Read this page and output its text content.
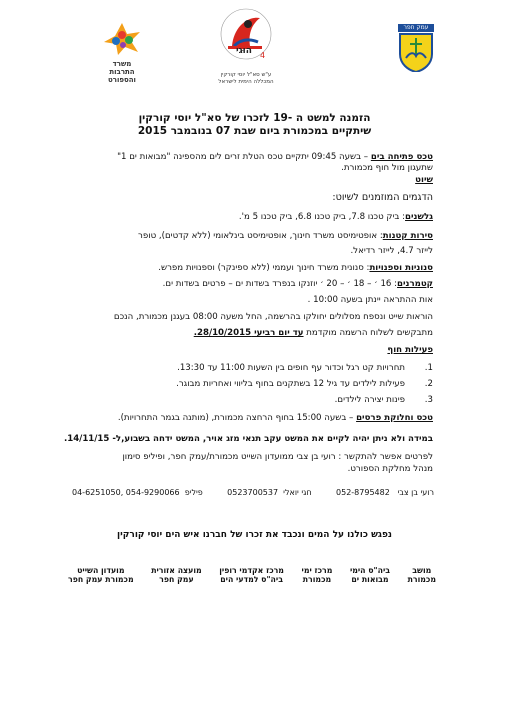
משרד
התרבות
והספורט
4
הוּגי
ע"ש סא"ל יוסי קורקין
המכללה הימית לישראל
עמק חפר
הזמנה למשט ה -19 לזכרו של סא"ל יוסי קורקין
שיתקיים במכמורת ביום שבת 07 בנובמבר 2015
טכס פתיחה בים – בשעה 09:45 יתקיים טכס הטלת זרים לים מהספינה "מבואות ים 1"
שתעגון מול חוף מכמורת.
שיוט
הדגמים המוזמנים לשיוט:
גלשנים: ביק טכנו 7.8, ביק טכנו 6.8, ביק טכנו 5 מ'.
סירות קטנות: אופטימיסט משרד חינוך, אופטימיסט בינלאומי (ללא קדטים), טופר
לייזר 4.7, לייזר רדיאל.
סנוניות וספנויות: סנונית משרד חינוך ועממי (ללא ספינקר) וספנויות מפרש.
קטמרנים: 16 ׳ – 18 ׳ – 20 ׳ יוזנקו בנפרד בשדות ים – פרטים בשדות ים.
אות ההתראה יינתן בשעה 10:00 .
הוראות שייט ונספח מסלולים יחולקו בהרשמה, החל משעה 08:00 בעגנן מכמורת, הנכם
מתבקשים לשלוח הרשמה מוקדמת עד יום רביעי 28/10/2015.
פעילות חוף
1.תחרויות קט רגל וכדור עף חופים בין השעות 11:00 עד 13:30.
2.פעילות לילדים עד גיל 12 בשתקנים בחוף בליווי ואחריות מבוגר.
3.פינות יצירה לילדים.
טכס וחלוקת פרסים – בשעה 15:00 בחוף הרחצה מכמורת, (מותנה בגמר התחרויות).
במידה ולא ניתן יהיה לקיים את המשט עקב תנאי מזג אויר, המשט ידחה בשבוע,ל- 14/11/15.
לפרטים אפשר להתקשר : רועי בן צבי ממועדון השייט מכמורת/עמק חפר, ופיליפ סימון
מנהל מחלקת הספורט.
רועי בן צבי   052-8795482
חגי יואלי  0523700537
פיליפ  054-9290066 ,04-6251050
נפגש כולנו על המים ונכבד את זכרו של חברנו איש הים יוסי קורקין
מושב
מכמורת
ביה"ס הימי
מבואות ים
מרכז ימי
מכמורת
מרכז אקדמי רופין
ביה"ס למדעי הים
מועצה אזורית
עמק חפר
מועדון השייט
מכמורת עמק חפר
